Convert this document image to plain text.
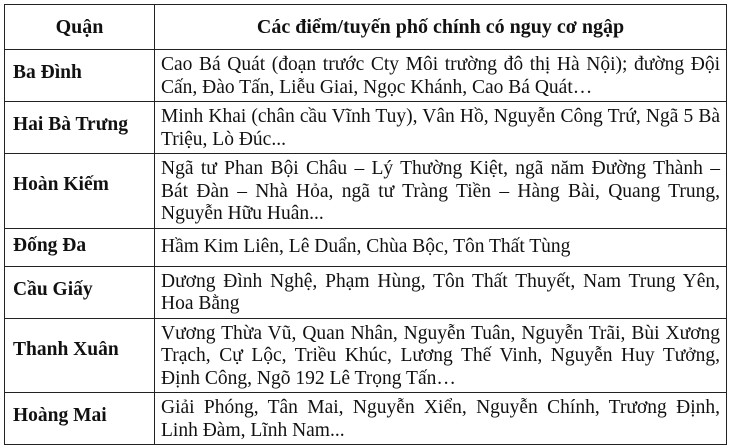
Quận	Các điểm/tuyến phố chính có nguy cơ ngập
Ba Đình	Cao Bá Quát (đoạn trước Cty Môi trường đô thị Hà Nội); đường Đội Cấn, Đào Tấn, Liễu Giai, Ngọc Khánh, Cao Bá Quát…
Hai Bà Trưng	Minh Khai (chân cầu Vĩnh Tuy), Vân Hồ, Nguyễn Công Trứ, Ngã 5 Bà Triệu, Lò Đúc...
Hoàn Kiếm	Ngã tư Phan Bội Châu – Lý Thường Kiệt, ngã năm Đường Thành – Bát Đàn – Nhà Hỏa, ngã tư Tràng Tiền – Hàng Bài, Quang Trung, Nguyễn Hữu Huân...
Đống Đa	Hầm Kim Liên, Lê Duẩn, Chùa Bộc, Tôn Thất Tùng
Cầu Giấy	Dương Đình Nghệ, Phạm Hùng, Tôn Thất Thuyết, Nam Trung Yên, Hoa Bằng
Thanh Xuân	Vương Thừa Vũ, Quan Nhân, Nguyễn Tuân, Nguyễn Trãi, Bùi Xương Trạch, Cự Lộc, Triều Khúc, Lương Thế Vinh, Nguyễn Huy Tưởng, Định Công, Ngõ 192 Lê Trọng Tấn…
Hoàng Mai	Giải Phóng, Tân Mai, Nguyễn Xiển, Nguyễn Chính, Trương Định, Linh Đàm, Lĩnh Nam...
